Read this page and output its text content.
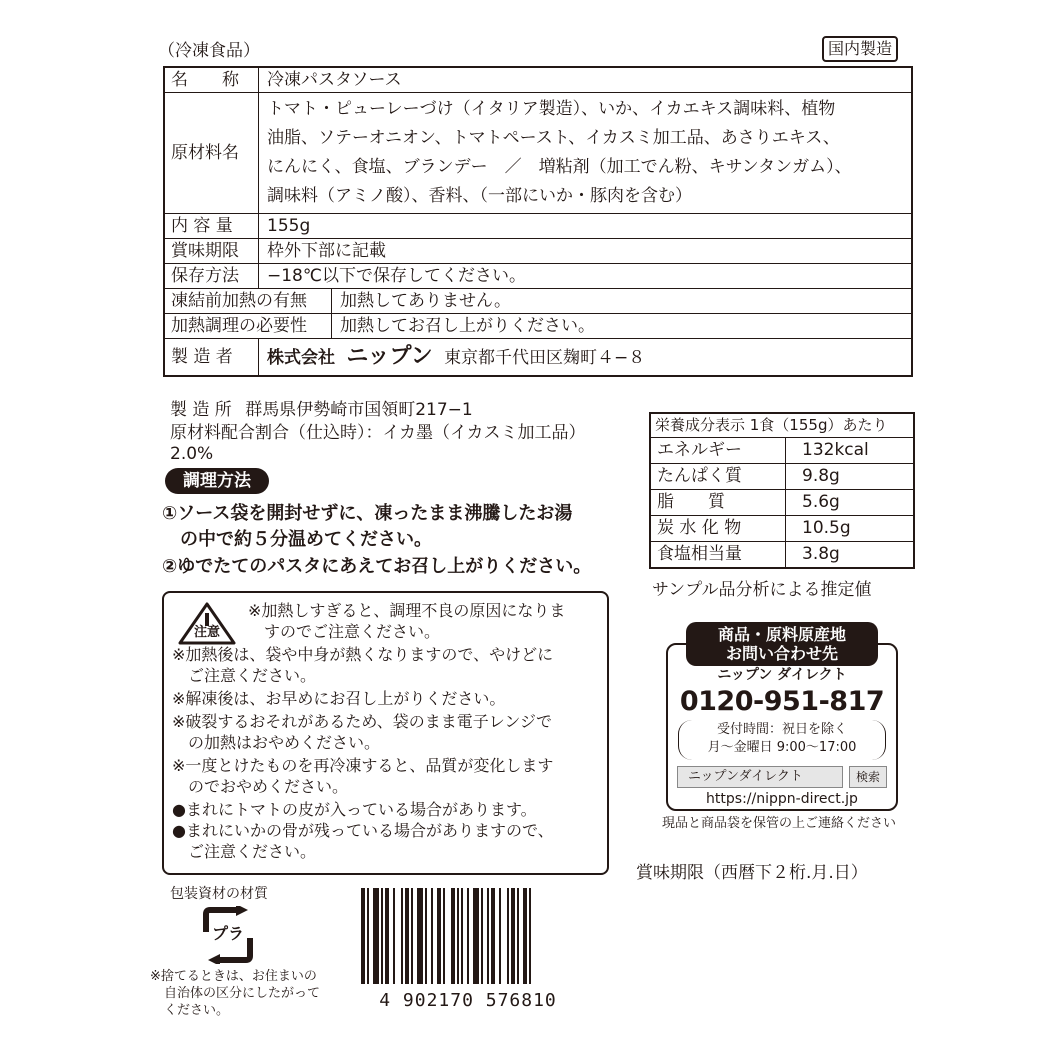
（冷凍食品）	国内製造
名　　称	冷凍パスタソース
原材料名
トマト・ピューレーづけ（イタリア製造）、いか、イカエキス調味料、植物
油脂、ソテーオニオン、トマトペースト、イカスミ加工品、あさりエキス、
にんにく、食塩、ブランデー　／　増粘剤（加工でん粉、キサンタンガム）、
調味料（アミノ酸）、香料、（一部にいか・豚肉を含む）
内 容 量	155g
賞味期限	枠外下部に記載
保存方法	−18℃以下で保存してください。
凍結前加熱の有無	加熱してありません。
加熱調理の必要性	加熱してお召し上がりください。
製 造 者	株式会社 ニップン 東京都千代田区麹町４−８
製 造 所 群馬県伊勢崎市国領町217−1
原材料配合割合（仕込時）：イカ墨（イカスミ加工品）
2.0%
調理方法
①ソース袋を開封せずに、凍ったまま沸騰したお湯
の中で約５分温めてください。
②ゆでたてのパスタにあえてお召し上がりください。
栄養成分表示 1食（155g）あたり
エネルギー	132kcal
たんぱく質	9.8g
脂　　質	5.6g
炭 水 化 物	10.5g
食塩相当量	3.8g
サンプル品分析による推定値
注意
※加熱しすぎると、調理不良の原因になりま
すのでご注意ください。
※加熱後は、袋や中身が熱くなりますので、やけどに
ご注意ください。
※解凍後は、お早めにお召し上がりください。
※破裂するおそれがあるため、袋のまま電子レンジで
の加熱はおやめください。
※一度とけたものを再冷凍すると、品質が変化します
のでおやめください。
●まれにトマトの皮が入っている場合があります。
●まれにいかの骨が残っている場合がありますので、
ご注意ください。
商品・原料原産地
お問い合わせ先
ニップン ダイレクト
0120-951-817
受付時間：祝日を除く
月〜金曜日 9:00〜17:00
ニップンダイレクト	検索
https://nippn-direct.jp
現品と商品袋を保管の上ご連絡ください
賞味期限（西暦下２桁.月.日）
包装資材の材質
プラ
※捨てるときは、お住まいの
自治体の区分にしたがって
ください。	4 902170 576810
